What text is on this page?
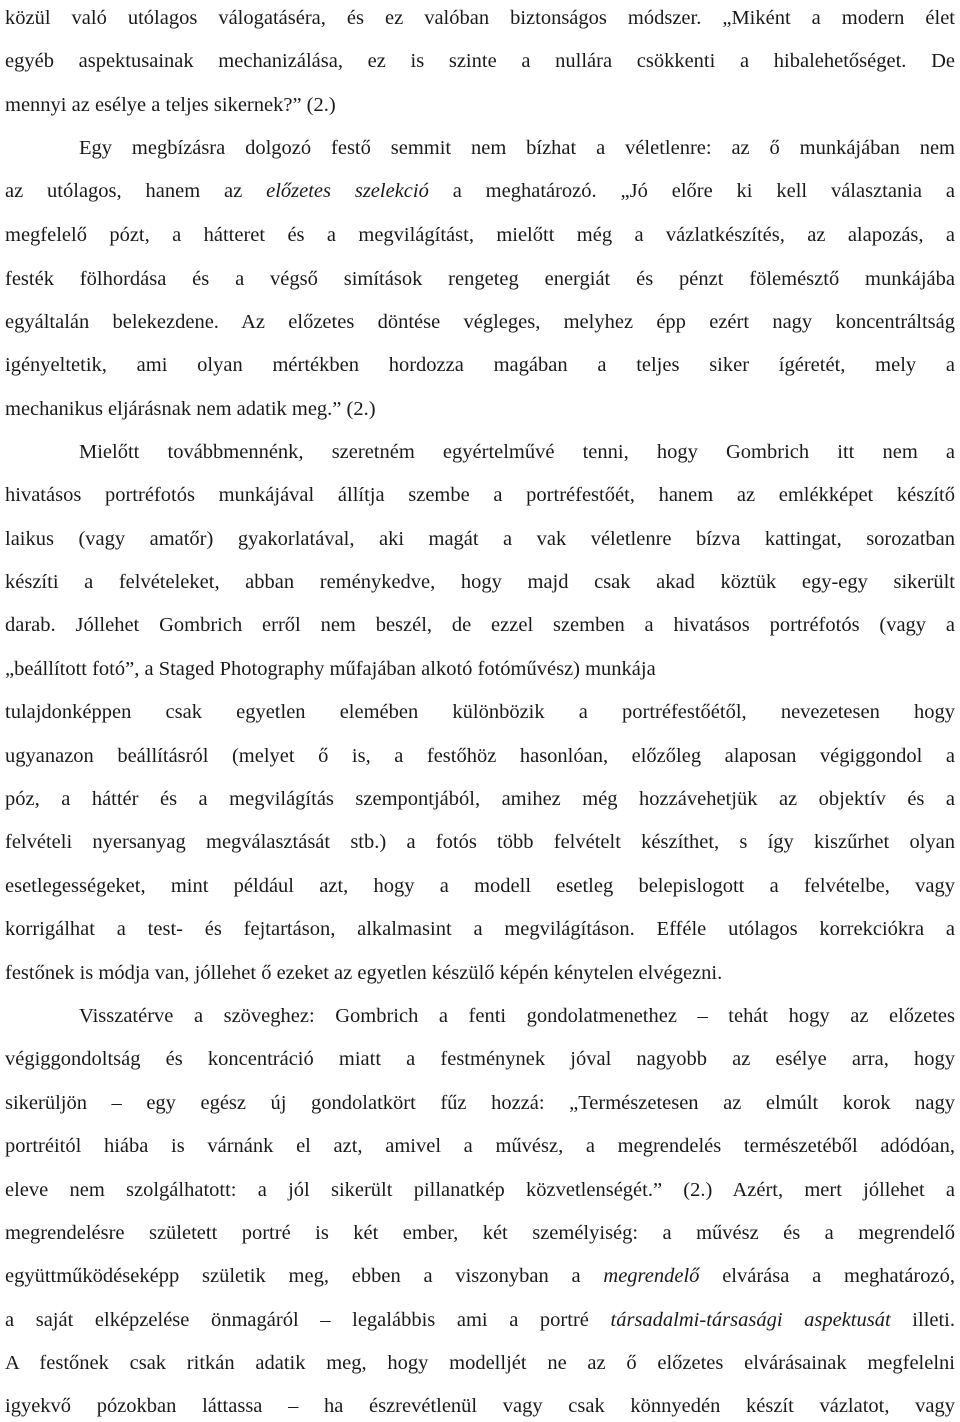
közül való utólagos válogatáséra, és ez valóban biztonságos módszer. „Miként a modern élet
egyéb aspektusainak mechanizálása, ez is szinte a nullára csökkenti a hibalehetőséget. De
mennyi az esélye a teljes sikernek?” (2.)
Egy megbízásra dolgozó festő semmit nem bízhat a véletlenre: az ő munkájában nem
az utólagos, hanem az előzetes szelekció a meghatározó. „Jó előre ki kell választania a
megfelelő pózt, a hátteret és a megvilágítást, mielőtt még a vázlatkészítés, az alapozás, a
festék fölhordása és a végső simítások rengeteg energiát és pénzt fölemésztő munkájába
egyáltalán belekezdene. Az előzetes döntése végleges, melyhez épp ezért nagy koncentráltság
igényeltetik, ami olyan mértékben hordozza magában a teljes siker ígéretét, mely a
mechanikus eljárásnak nem adatik meg.” (2.)
Mielőtt továbbmennénk, szeretném egyértelművé tenni, hogy Gombrich itt nem a
hivatásos portréfotós munkájával állítja szembe a portréfestőét, hanem az emlékképet készítő
laikus (vagy amatőr) gyakorlatával, aki magát a vak véletlenre bízva kattingat, sorozatban
készíti a felvételeket, abban reménykedve, hogy majd csak akad köztük egy-egy sikerült
darab. Jóllehet Gombrich erről nem beszél, de ezzel szemben a hivatásos portréfotós (vagy a
„beállított fotó”, a Staged Photography műfajában alkotó fotóművész) munkája
tulajdonképpen csak egyetlen elemében különbözik a portréfestőétől, nevezetesen hogy
ugyanazon beállításról (melyet ő is, a festőhöz hasonlóan, előzőleg alaposan végiggondol a
póz, a háttér és a megvilágítás szempontjából, amihez még hozzávehetjük az objektív és a
felvételi nyersanyag megválasztását stb.) a fotós több felvételt készíthet, s így kiszűrhet olyan
esetlegességeket, mint például azt, hogy a modell esetleg belepislogott a felvételbe, vagy
korrigálhat a test- és fejtartáson, alkalmasint a megvilágításon. Efféle utólagos korrekciókra a
festőnek is módja van, jóllehet ő ezeket az egyetlen készülő képén kénytelen elvégezni.
Visszatérve a szöveghez: Gombrich a fenti gondolatmenethez – tehát hogy az előzetes
végiggondoltság és koncentráció miatt a festménynek jóval nagyobb az esélye arra, hogy
sikerüljön – egy egész új gondolatkört fűz hozzá: „Természetesen az elmúlt korok nagy
portréitól hiába is várnánk el azt, amivel a művész, a megrendelés természetéből adódóan,
eleve nem szolgálhatott: a jól sikerült pillanatkép közvetlenségét.” (2.) Azért, mert jóllehet a
megrendelésre született portré is két ember, két személyiség: a művész és a megrendelő
együttműködéseképp születik meg, ebben a viszonyban a megrendelő elvárása a meghatározó,
a saját elképzelése önmagáról – legalábbis ami a portré társadalmi-társasági aspektusát illeti.
A festőnek csak ritkán adatik meg, hogy modelljét ne az ő előzetes elvárásainak megfelelni
igyekvő pózokban láttassa – ha észrevétlenül vagy csak könnyedén készít vázlatot, vagy
